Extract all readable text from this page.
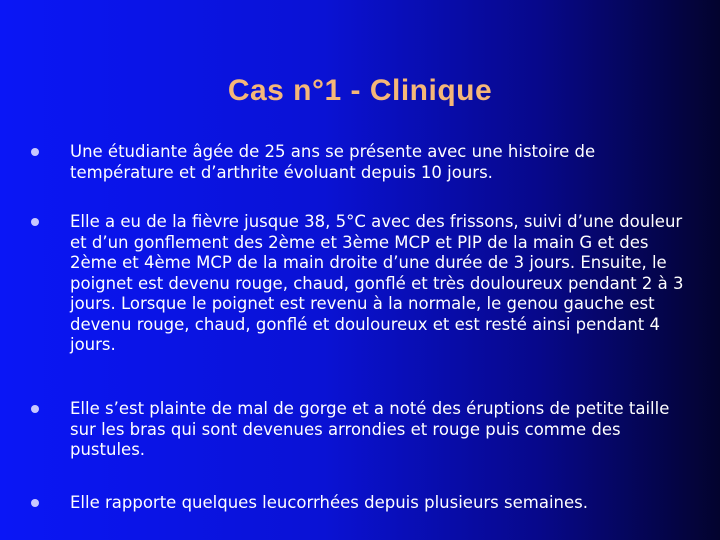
Cas n°1 - Clinique
Une étudiante âgée de 25 ans se présente avec une histoire de température et d’arthrite évoluant depuis 10 jours.
Elle a eu de la fièvre jusque 38, 5°C avec des frissons, suivi d’une douleur et d’un gonflement des 2ème et 3ème MCP et PIP de la main G et des 2ème et 4ème MCP de la main droite d’une durée de 3 jours. Ensuite, le poignet est devenu rouge, chaud, gonflé et très douloureux pendant 2 à 3 jours. Lorsque le poignet est revenu à la normale, le genou gauche est devenu rouge, chaud, gonflé et douloureux et est resté ainsi pendant 4 jours.
Elle s’est plainte de mal de gorge et a noté des éruptions de petite taille sur les bras qui sont devenues arrondies et rouge puis comme des pustules.
Elle rapporte quelques leucorrhées depuis plusieurs semaines.
